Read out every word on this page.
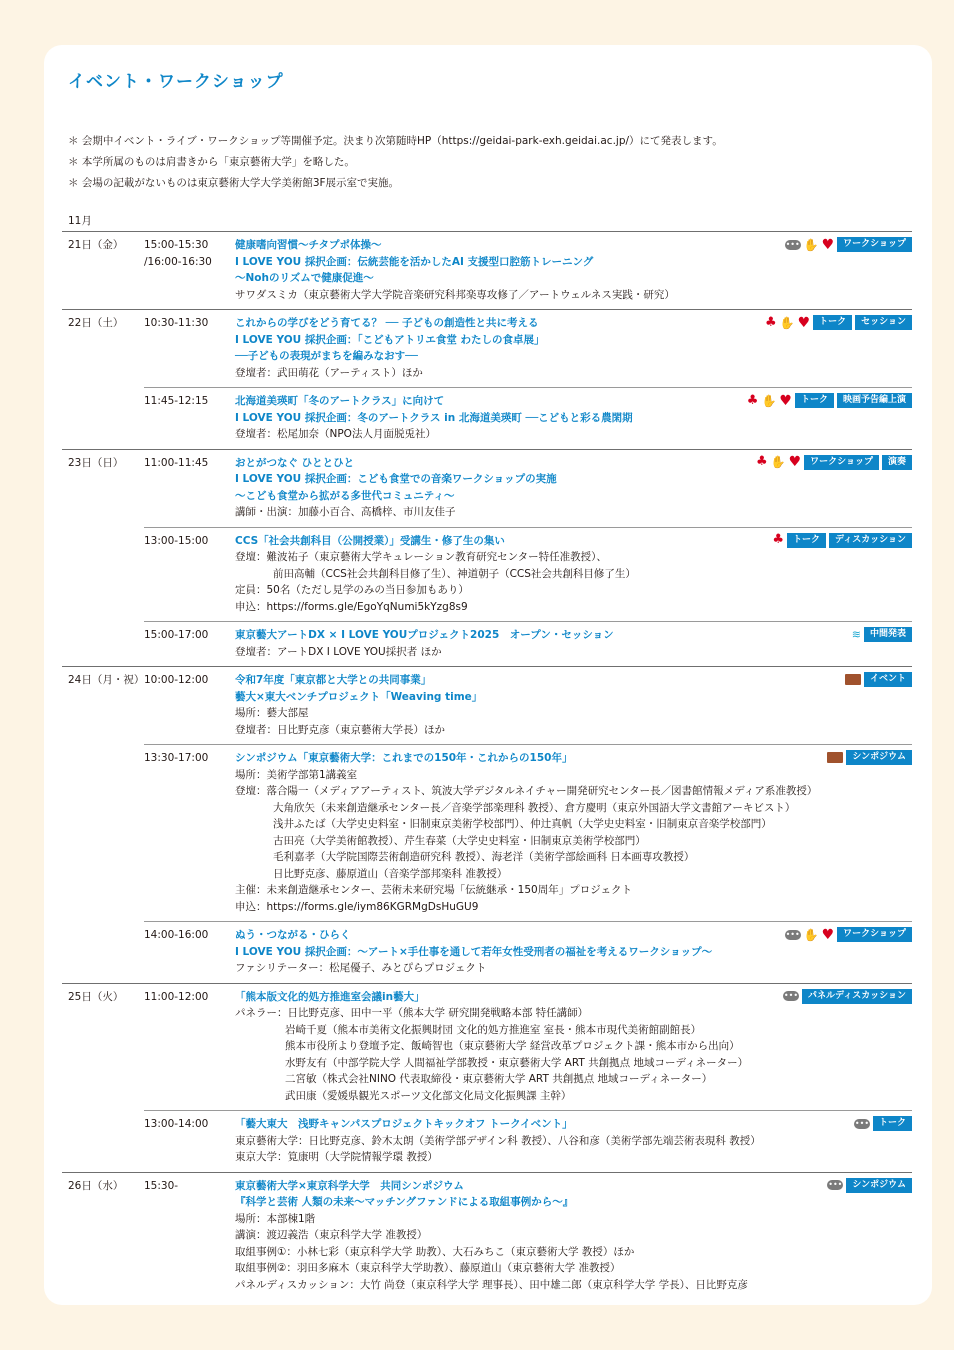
イベント・ワークショップ
＊ 会期中イベント・ライブ・ワークショップ等開催予定。決まり次第随時HP（https://geidai-park-exh.geidai.ac.jp/）にて発表します。
＊ 本学所属のものは肩書きから「東京藝術大学」を略した。
＊ 会場の記載がないものは東京藝術大学大学美術館3F展示室で実施。
11月
21日（金）	15:00-15:30
/16:00-16:30
健康嗜向習慣〜チタプポ体操〜
I LOVE YOU 採択企画：伝統芸能を活かしたAI 支援型口腔筋トレーニング
〜Nohのリズムで健康促進〜
サワダスミカ（東京藝術大学大学院音楽研究科邦楽専攻修了／アートウェルネス実践・研究）
••• ✋ ♥	ワークショップ
22日（土）	10:30-11:30	これからの学びをどう育てる？ ── 子どもの創造性と共に考える
I LOVE YOU 採択企画：「こどもアトリエ食堂 わたしの食卓展」
──子どもの表現がまちを編みなおす──
登壇者：武田萌花（アーティスト）ほか
♣ ✋ ♥	トーク	セッション
11:45-12:15	北海道美瑛町「冬のアートクラス」に向けて
I LOVE YOU 採択企画：冬のアートクラス in 北海道美瑛町 ──こどもと彩る農閑期
登壇者：松尾加奈（NPO法人月面脱兎社）
♣ ✋ ♥	トーク	映画予告編上演
23日（日）	11:00-11:45	おとがつなぐ ひととひと
I LOVE YOU 採択企画：こども食堂での音楽ワークショップの実施
〜こども食堂から拡がる多世代コミュニティ〜
講師・出演：加藤小百合、高橋梓、市川友佳子
♣ ✋ ♥	ワークショップ	演奏
13:00-15:00	CCS「社会共創科目（公開授業）」受講生・修了生の集い
登壇：難波祐子（東京藝術大学キュレーション教育研究センター特任准教授）、
前田高輔（CCS社会共創科目修了生）、神道朝子（CCS社会共創科目修了生）
定員：50名（ただし見学のみの当日参加もあり）
申込：https://forms.gle/EgoYqNumi5kYzg8s9
♣	トーク	ディスカッション
15:00-17:00	東京藝大アートDX × I LOVE YOUプロジェクト2025　オープン・セッション
登壇者：アートDX I LOVE YOU採択者 ほか
≋	中間発表
24日（月・祝） 10:00-12:00	令和7年度「東京都と大学との共同事業」
藝大×東大ベンチプロジェクト「Weaving time」
場所：藝大部屋
登壇者：日比野克彦（東京藝術大学長）ほか
イベント
13:30-17:00	シンポジウム「東京藝術大学：これまでの150年・これからの150年」
場所：美術学部第1講義室
登壇：落合陽一（メディアアーティスト、筑波大学デジタルネイチャー開発研究センター長／図書館情報メディア系准教授）
大角欣矢（未来創造継承センター長／音楽学部楽理科 教授）、倉方慶明（東京外国語大学文書館アーキビスト）
浅井ふたば（大学史史料室・旧制東京美術学校部門）、仲辻真帆（大学史史料室・旧制東京音楽学校部門）
古田亮（大学美術館教授）、芹生春菜（大学史史料室・旧制東京美術学校部門）
毛利嘉孝（大学院国際芸術創造研究科 教授）、海老洋（美術学部絵画科 日本画専攻教授）
日比野克彦、藤原道山（音楽学部邦楽科 准教授）
主催：未来創造継承センター、芸術未来研究場「伝統継承・150周年」プロジェクト
申込：https://forms.gle/iym86KGRMgDsHuGU9
シンポジウム
14:00-16:00	ぬう・つながる・ひらく
I LOVE YOU 採択企画：〜アート×手仕事を通して若年女性受刑者の福祉を考えるワークショップ〜
ファシリテーター：松尾優子、みとぴらプロジェクト
••• ✋ ♥	ワークショップ
25日（火）	11:00-12:00	「熊本版文化的処方推進室会議in藝大」
パネラー：日比野克彦、田中一平（熊本大学 研究開発戦略本部 特任講師）
岩崎千夏（熊本市美術文化振興財団 文化的処方推進室 室長・熊本市現代美術館副館長）
熊本市役所より登壇予定、飯崎智也（東京藝術大学 経営改革プロジェクト課・熊本市から出向）
水野友有（中部学院大学 人間福祉学部教授・東京藝術大学 ART 共創拠点 地域コーディネーター）
二宮敏（株式会社NINO 代表取締役・東京藝術大学 ART 共創拠点 地域コーディネーター）
武田康（愛媛県観光スポーツ文化部文化局文化振興課 主幹）
•••	パネルディスカッション
13:00-14:00	「藝大東大　浅野キャンパスプロジェクトキックオフ トークイベント」
東京藝術大学：日比野克彦、鈴木太朗（美術学部デザイン科 教授）、八谷和彦（美術学部先端芸術表現科 教授）
東京大学：筧康明（大学院情報学環 教授）
•••	トーク
26日（水）	15:30-	東京藝術大学×東京科学大学　共同シンポジウム
『科学と芸術 人類の未来〜マッチングファンドによる取組事例から〜』
場所：本部棟1階
講演：渡辺義浩（東京科学大学 准教授）
取組事例①：小林七彩（東京科学大学 助教）、大石みちこ（東京藝術大学 教授）ほか
取組事例②：羽田多麻木（東京科学大学助教）、藤原道山（東京藝術大学 准教授）
パネルディスカッション：大竹 尚登（東京科学大学 理事長）、田中雄二郎（東京科学大学 学長）、日比野克彦
•••	シンポジウム
